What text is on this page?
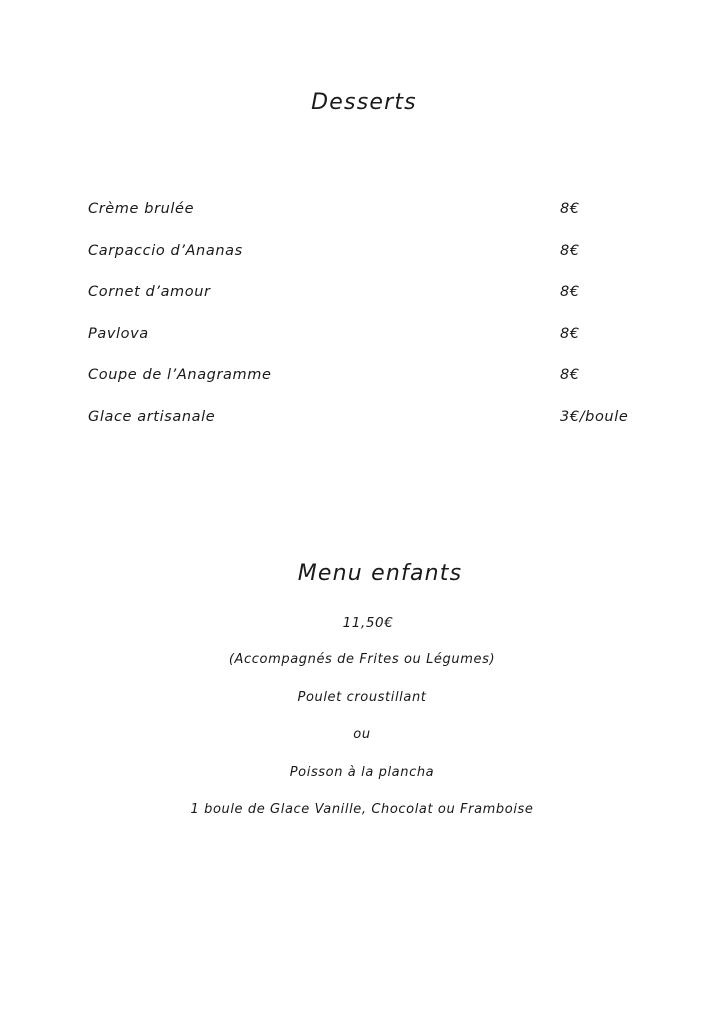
Desserts
Crème brulée	8€
Carpaccio d’Ananas	8€
Cornet d’amour	8€
Pavlova	8€
Coupe de l’Anagramme	8€
Glace artisanale	3€/boule
Menu enfants
11,50€
(Accompagnés de Frites ou Légumes)
Poulet croustillant
ou
Poisson à la plancha
1 boule de Glace Vanille, Chocolat ou Framboise
